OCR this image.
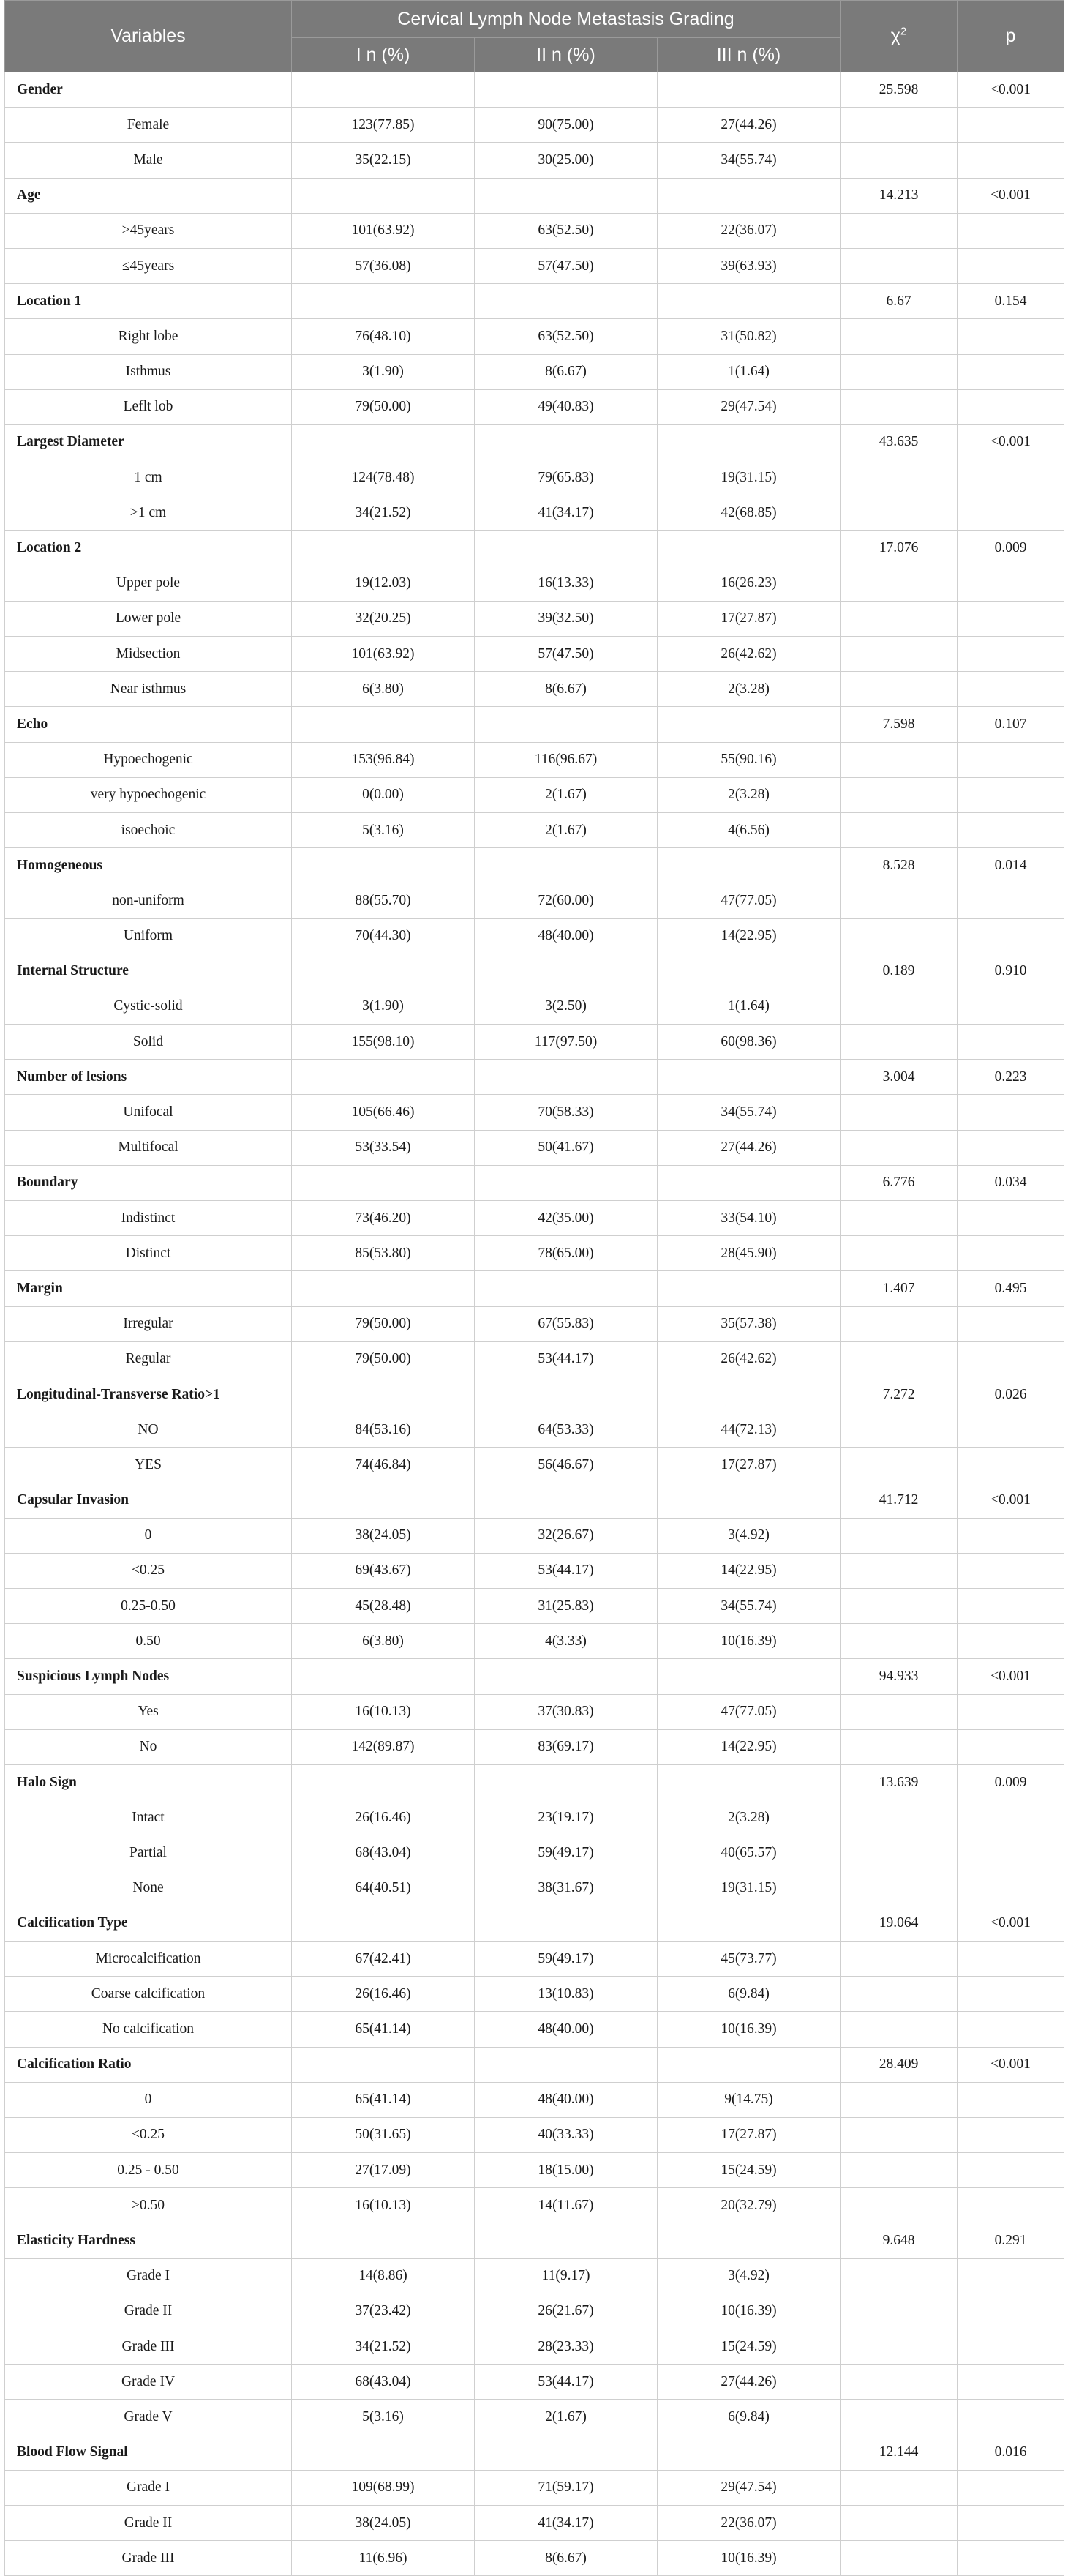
Variables	Cervical Lymph Node Metastasis Grading			$\chi^2$	p
	I n (%)	II n (%)	III n (%)		
Gender				25.598	<0.001
Female	123(77.85)	90(75.00)	27(44.26)		
Male	35(22.15)	30(25.00)	34(55.74)		
Age				14.213	<0.001
>45years	101(63.92)	63(52.50)	22(36.07)		
≤45years	57(36.08)	57(47.50)	39(63.93)		
Location 1				6.67	0.154
Right lobe	76(48.10)	63(52.50)	31(50.82)		
Isthmus	3(1.90)	8(6.67)	1(1.64)		
Leflt lob	79(50.00)	49(40.83)	29(47.54)		
Largest Diameter				43.635	<0.001
1 cm	124(78.48)	79(65.83)	19(31.15)		
>1 cm	34(21.52)	41(34.17)	42(68.85)		
Location 2				17.076	0.009
Upper pole	19(12.03)	16(13.33)	16(26.23)		
Lower pole	32(20.25)	39(32.50)	17(27.87)		
Midsection	101(63.92)	57(47.50)	26(42.62)		
Near isthmus	6(3.80)	8(6.67)	2(3.28)		
Echo				7.598	0.107
Hypoechogenic	153(96.84)	116(96.67)	55(90.16)		
very hypoechogenic	0(0.00)	2(1.67)	2(3.28)		
isoechoic	5(3.16)	2(1.67)	4(6.56)		
Homogeneous				8.528	0.014
non-uniform	88(55.70)	72(60.00)	47(77.05)		
Uniform	70(44.30)	48(40.00)	14(22.95)		
Internal Structure				0.189	0.910
Cystic-solid	3(1.90)	3(2.50)	1(1.64)		
Solid	155(98.10)	117(97.50)	60(98.36)		
Number of lesions				3.004	0.223
Unifocal	105(66.46)	70(58.33)	34(55.74)		
Multifocal	53(33.54)	50(41.67)	27(44.26)		
Boundary				6.776	0.034
Indistinct	73(46.20)	42(35.00)	33(54.10)		
Distinct	85(53.80)	78(65.00)	28(45.90)		
Margin				1.407	0.495
Irregular	79(50.00)	67(55.83)	35(57.38)		
Regular	79(50.00)	53(44.17)	26(42.62)		
Longitudinal-Transverse Ratio>1				7.272	0.026
NO	84(53.16)	64(53.33)	44(72.13)		
YES	74(46.84)	56(46.67)	17(27.87)		
Capsular Invasion				41.712	<0.001
0	38(24.05)	32(26.67)	3(4.92)		
<0.25	69(43.67)	53(44.17)	14(22.95)		
0.25-0.50	45(28.48)	31(25.83)	34(55.74)		
0.50	6(3.80)	4(3.33)	10(16.39)		
Suspicious Lymph Nodes				94.933	<0.001
Yes	16(10.13)	37(30.83)	47(77.05)		
No	142(89.87)	83(69.17)	14(22.95)		
Halo Sign				13.639	0.009
Intact	26(16.46)	23(19.17)	2(3.28)		
Partial	68(43.04)	59(49.17)	40(65.57)		
None	64(40.51)	38(31.67)	19(31.15)		
Calcification Type				19.064	<0.001
Microcalcification	67(42.41)	59(49.17)	45(73.77)		
Coarse calcification	26(16.46)	13(10.83)	6(9.84)		
No calcification	65(41.14)	48(40.00)	10(16.39)		
Calcification Ratio				28.409	<0.001
0	65(41.14)	48(40.00)	9(14.75)		
<0.25	50(31.65)	40(33.33)	17(27.87)		
0.25 - 0.50	27(17.09)	18(15.00)	15(24.59)		
>0.50	16(10.13)	14(11.67)	20(32.79)		
Elasticity Hardness				9.648	0.291
Grade I	14(8.86)	11(9.17)	3(4.92)		
Grade II	37(23.42)	26(21.67)	10(16.39)		
Grade III	34(21.52)	28(23.33)	15(24.59)		
Grade IV	68(43.04)	53(44.17)	27(44.26)		
Grade V	5(3.16)	2(1.67)	6(9.84)		
Blood Flow Signal				12.144	0.016
Grade I	109(68.99)	71(59.17)	29(47.54)		
Grade II	38(24.05)	41(34.17)	22(36.07)		
Grade III	11(6.96)	8(6.67)	10(16.39)		
